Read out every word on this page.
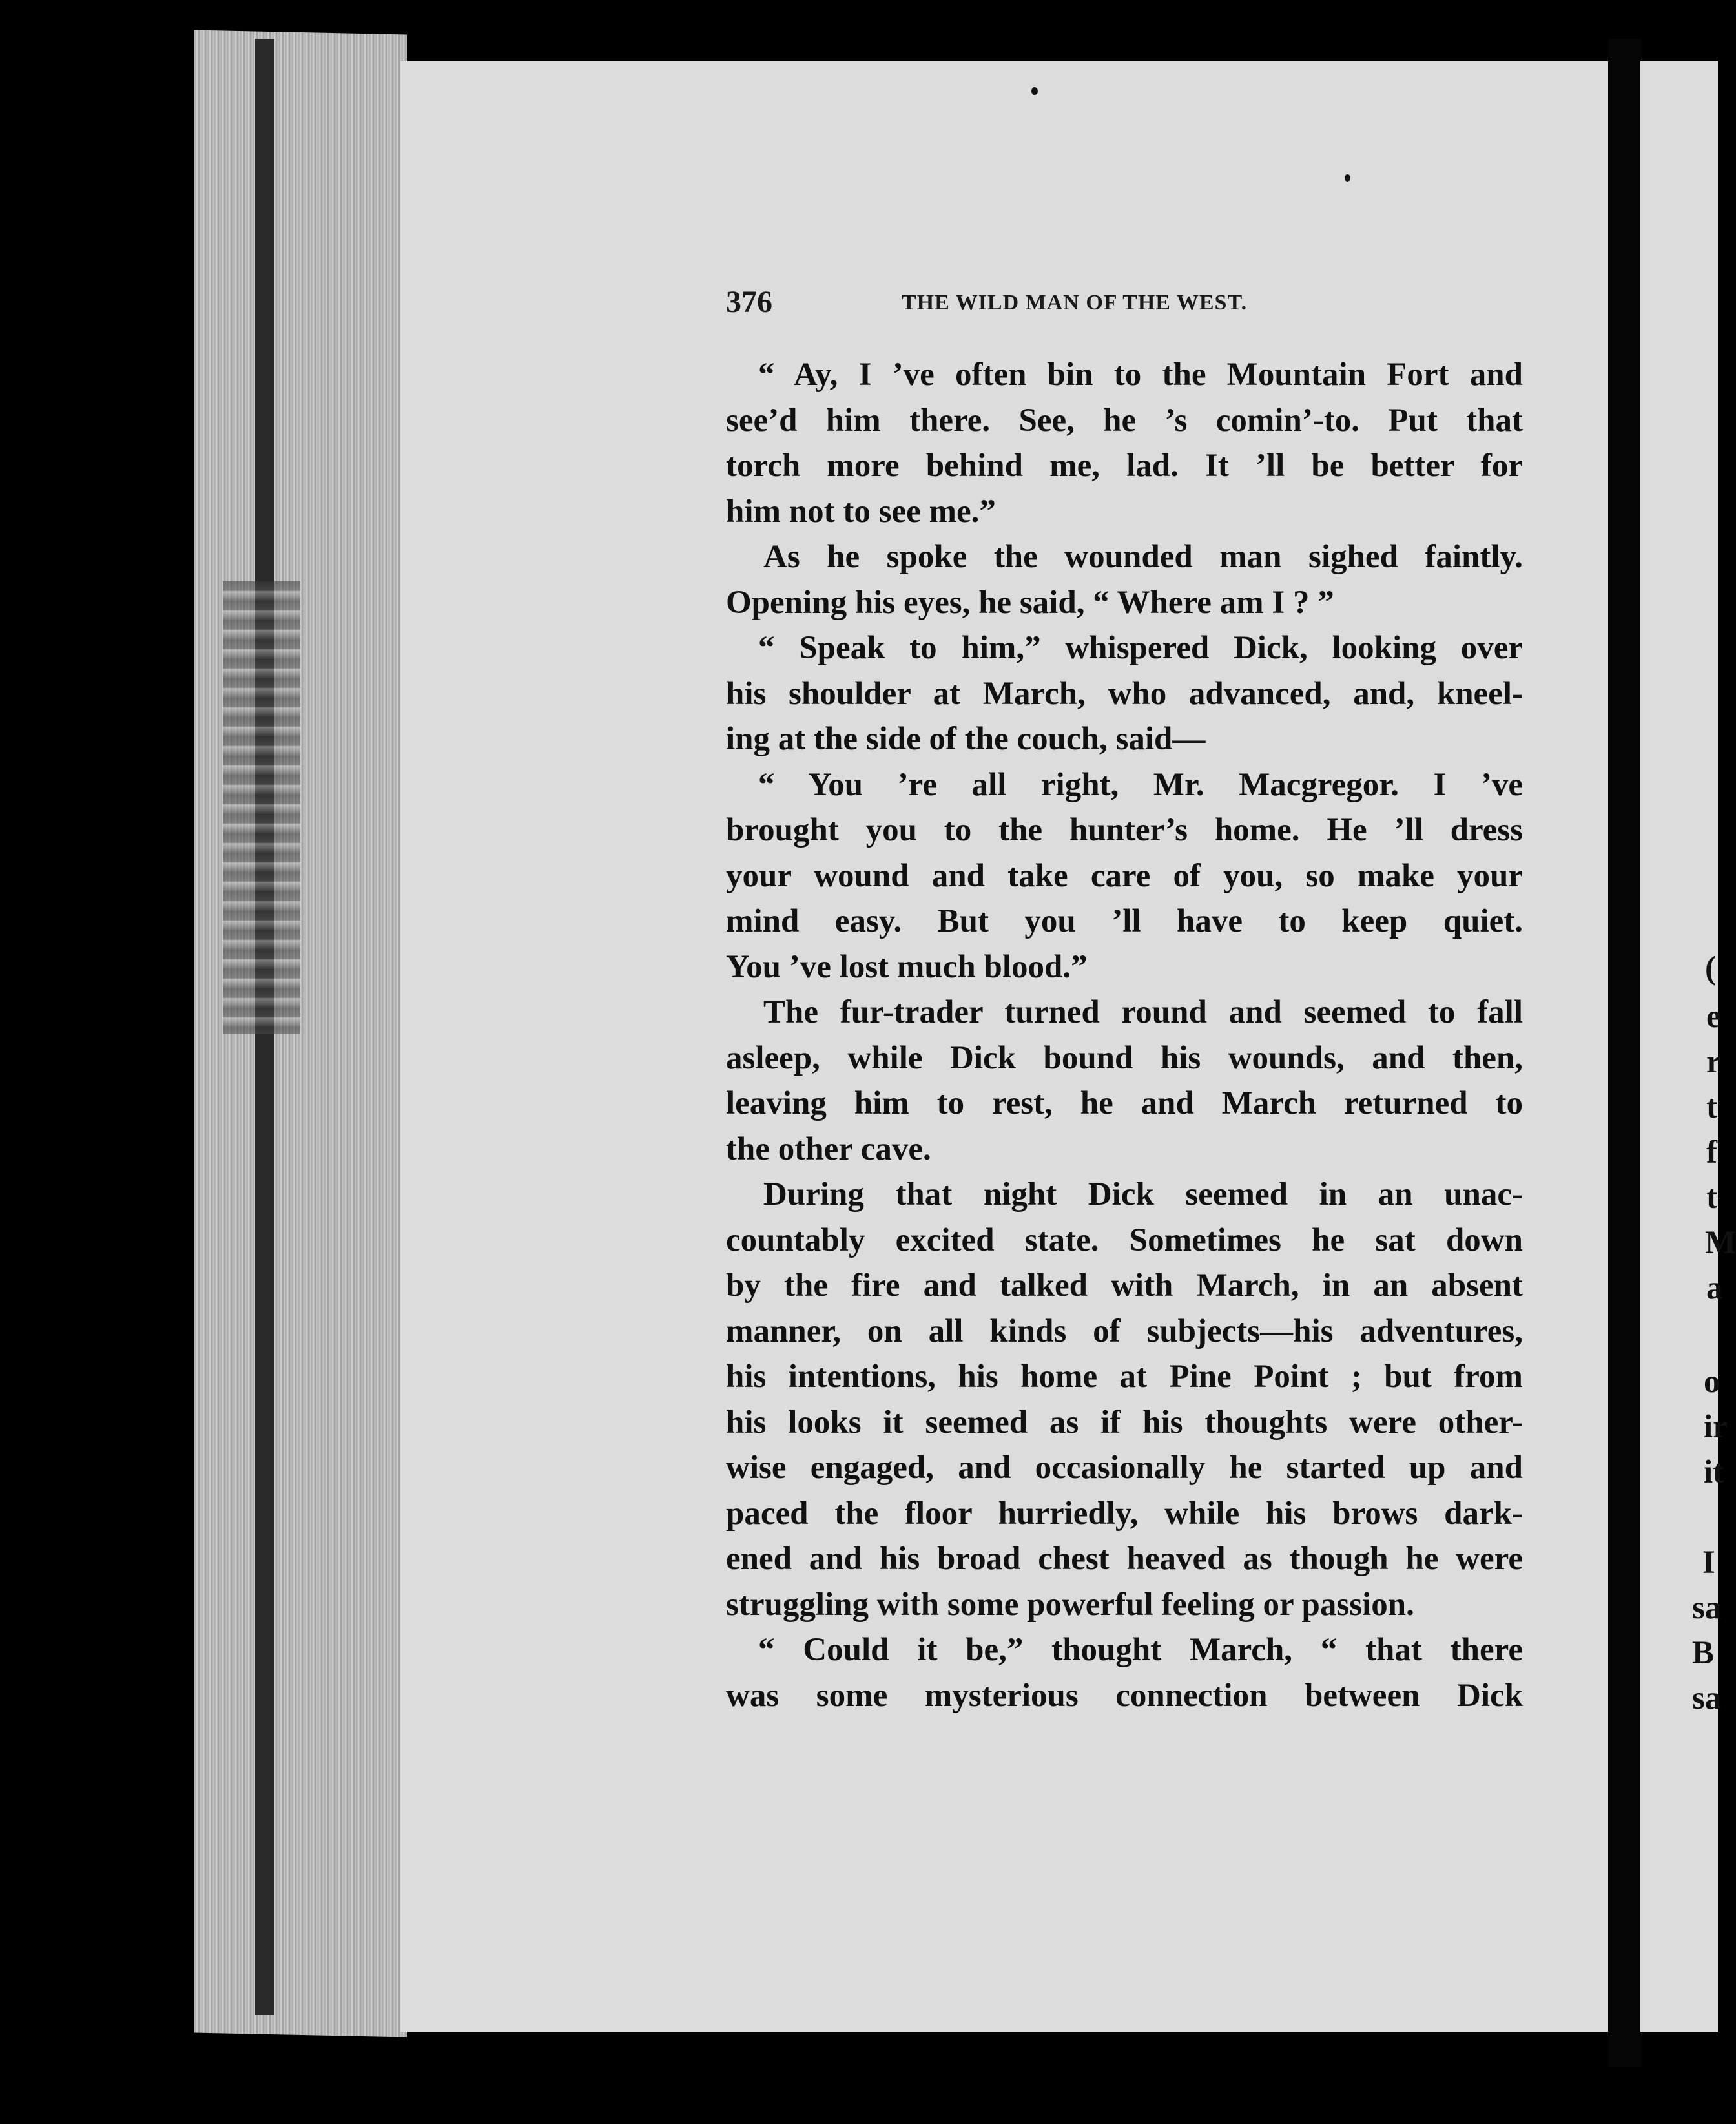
376	THE WILD MAN OF THE WEST.
“ Ay, I ’ve often bin to the Mountain Fort and
see’d him there. See, he ’s comin’-to. Put that
torch more behind me, lad. It ’ll be better for
him not to see me.”
As he spoke the wounded man sighed faintly.
Opening his eyes, he said, “ Where am I ? ”
“ Speak to him,” whispered Dick, looking over
his shoulder at March, who advanced, and, kneel-
ing at the side of the couch, said—
“ You ’re all right, Mr. Macgregor. I ’ve
brought you to the hunter’s home. He ’ll dress
your wound and take care of you, so make your
mind easy. But you ’ll have to keep quiet.
You ’ve lost much blood.”
The fur-trader turned round and seemed to fall
asleep, while Dick bound his wounds, and then,
leaving him to rest, he and March returned to
the other cave.
During that night Dick seemed in an unac-
countably excited state. Sometimes he sat down
by the fire and talked with March, in an absent
manner, on all kinds of subjects—his adventures,
his intentions, his home at Pine Point ; but from
his looks it seemed as if his thoughts were other-
wise engaged, and occasionally he started up and
paced the floor hurriedly, while his brows dark-
ened and his broad chest heaved as though he were
struggling with some powerful feeling or passion.
“ Could it be,” thought March, “ that there
was some mysterious connection between Dick
(
e
r
t
f
t
M
a
o
ir
it
I
sa
B
sa
